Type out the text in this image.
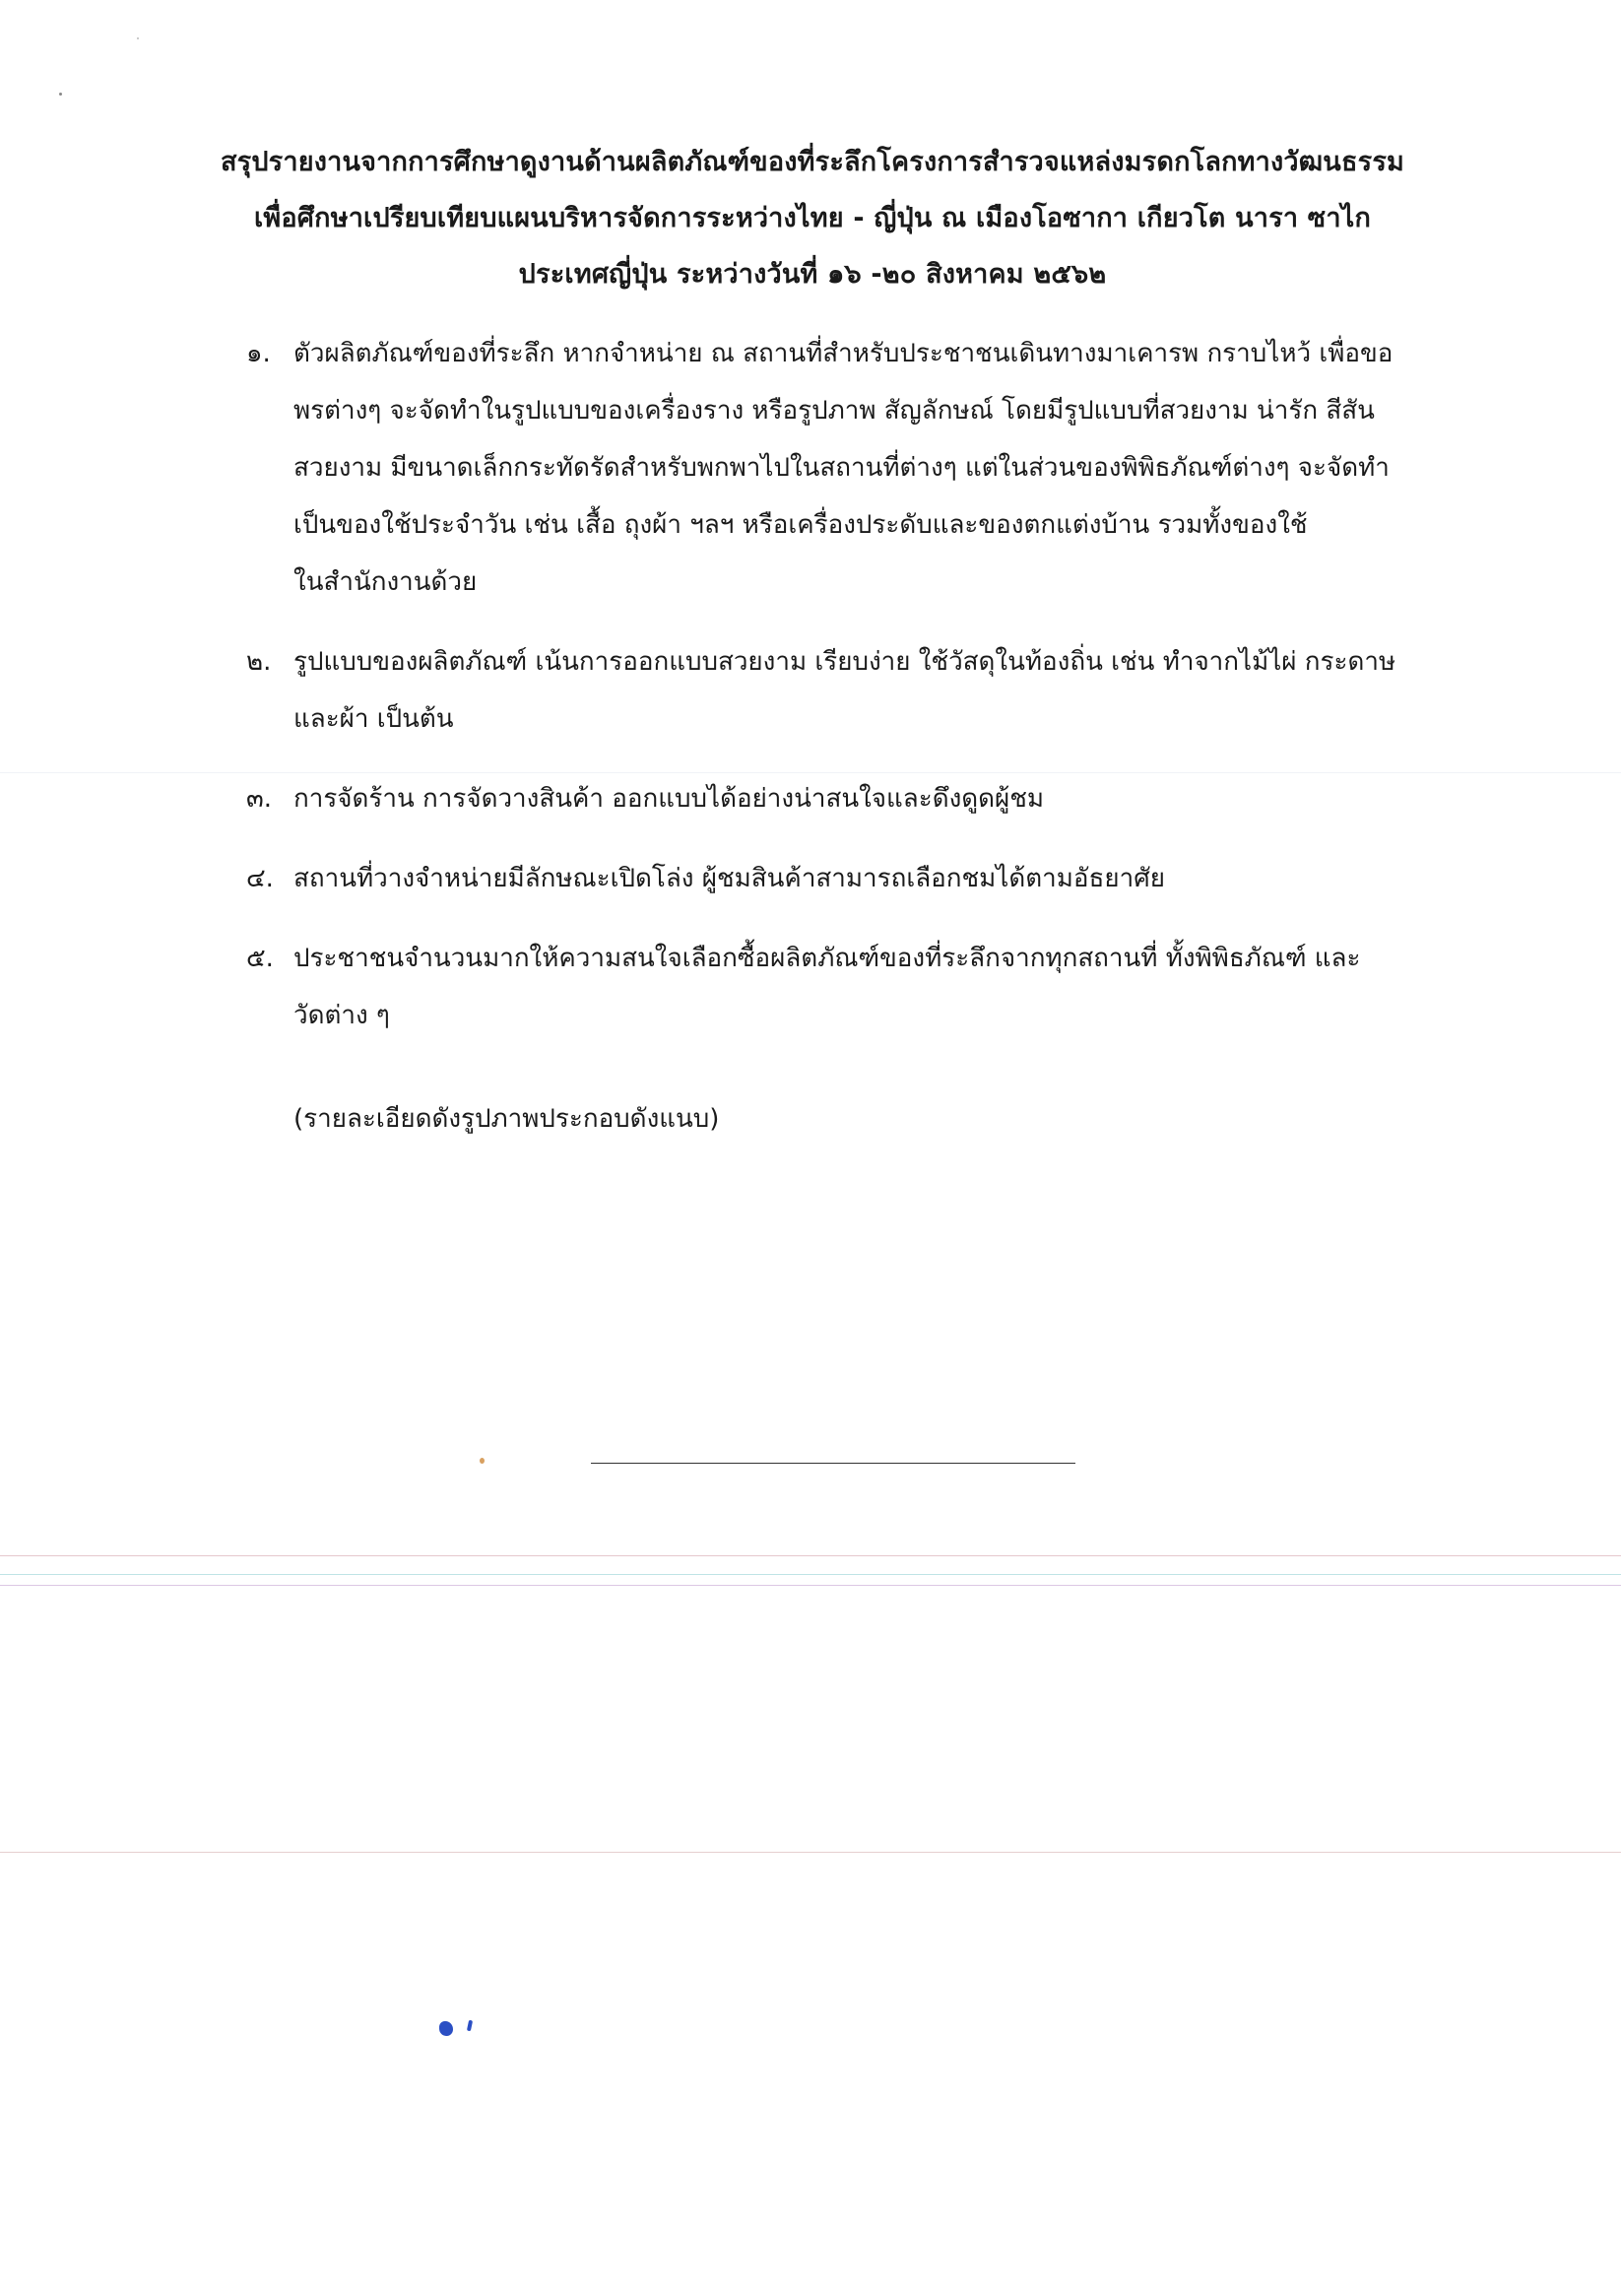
สรุปรายงานจากการศึกษาดูงานด้านผลิตภัณฑ์ของที่ระลึกโครงการสำรวจแหล่งมรดกโลกทางวัฒนธรรม
เพื่อศึกษาเปรียบเทียบแผนบริหารจัดการระหว่างไทย - ญี่ปุ่น ณ เมืองโอซากา เกียวโต นารา ซาไก
ประเทศญี่ปุ่น ระหว่างวันที่ ๑๖ -๒๐ สิงหาคม ๒๕๖๒
๑. ตัวผลิตภัณฑ์ของที่ระลึก หากจำหน่าย ณ สถานที่สำหรับประชาชนเดินทางมาเคารพ กราบไหว้ เพื่อขอ
พรต่างๆ จะจัดทำในรูปแบบของเครื่องราง หรือรูปภาพ สัญลักษณ์ โดยมีรูปแบบที่สวยงาม น่ารัก สีสัน
สวยงาม มีขนาดเล็กกระทัดรัดสำหรับพกพาไปในสถานที่ต่างๆ แต่ในส่วนของพิพิธภัณฑ์ต่างๆ จะจัดทำ
เป็นของใช้ประจำวัน เช่น เสื้อ ถุงผ้า ฯลฯ หรือเครื่องประดับและของตกแต่งบ้าน รวมทั้งของใช้
ในสำนักงานด้วย
๒. รูปแบบของผลิตภัณฑ์ เน้นการออกแบบสวยงาม เรียบง่าย ใช้วัสดุในท้องถิ่น เช่น ทำจากไม้ไผ่ กระดาษ
และผ้า เป็นต้น
๓. การจัดร้าน การจัดวางสินค้า ออกแบบได้อย่างน่าสนใจและดึงดูดผู้ชม
๔. สถานที่วางจำหน่ายมีลักษณะเปิดโล่ง ผู้ชมสินค้าสามารถเลือกชมได้ตามอัธยาศัย
๕. ประชาชนจำนวนมากให้ความสนใจเลือกซื้อผลิตภัณฑ์ของที่ระลึกจากทุกสถานที่ ทั้งพิพิธภัณฑ์ และ
วัดต่าง ๆ
(รายละเอียดดังรูปภาพประกอบดังแนบ)
